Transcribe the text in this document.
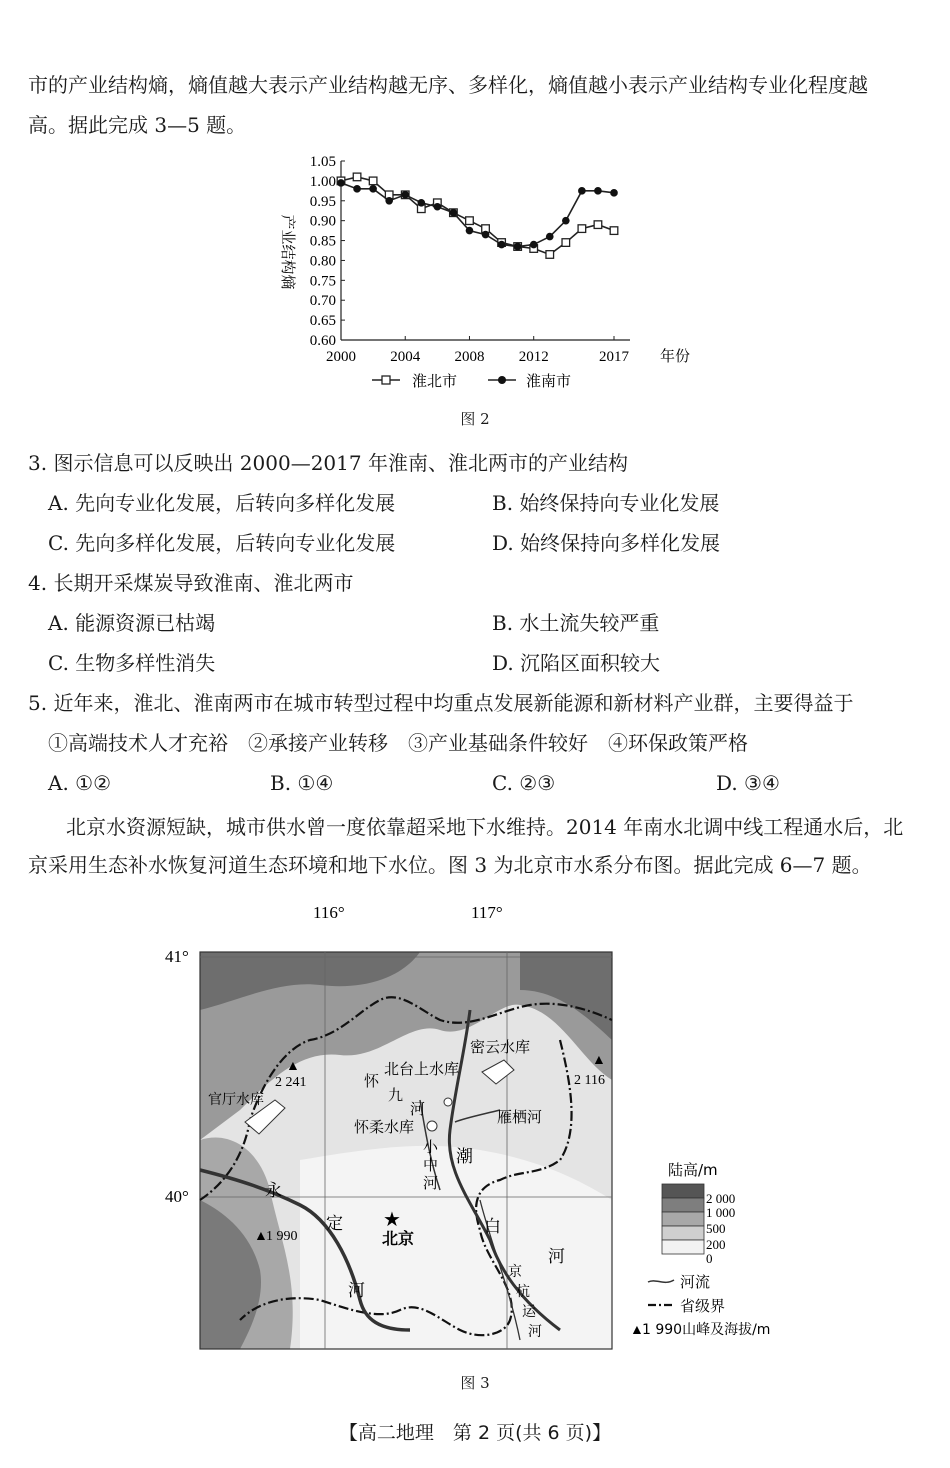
市的产业结构熵，熵值越大表示产业结构越无序、多样化，熵值越小表示产业结构专业化程度越
高。据此完成 3—5 题。
1.05
1.00
0.95
0.90
0.85
0.80
0.75
0.70
0.65
0.60
2000 2004 2008 2012	2017
产业结构熵
年份
淮北市	淮南市
图 2
3. 图示信息可以反映出 2000—2017 年淮南、淮北两市的产业结构
A. 先向专业化发展，后转向多样化发展	B. 始终保持向专业化发展
C. 先向多样化发展，后转向专业化发展	D. 始终保持向多样化发展
4. 长期开采煤炭导致淮南、淮北两市
A. 能源资源已枯竭	B. 水土流失较严重
C. 生物多样性消失	D. 沉陷区面积较大
5. 近年来，淮北、淮南两市在城市转型过程中均重点发展新能源和新材料产业群，主要得益于
①高端技术人才充裕　②承接产业转移　③产业基础条件较好　④环保政策严格
A. ①②	B. ①④	C. ②③	D. ③④
北京水资源短缺，城市供水曾一度依靠超采地下水维持。2014 年南水北调中线工程通水后，北
京采用生态补水恢复河道生态环境和地下水位。图 3 为北京市水系分布图。据此完成 6—7 题。
116°	117°
41°
40°
密云水库
北台上水库
官厅水库
怀柔水库
雁栖河
怀
九
河
小
中
河
潮
白
河
永
定
河
京
杭
运
河
★
北京
▲
2 241
▲
2 116
▲
1 990
陆高/m
2 000
1 000
500
200
0
河流
省级界
▲
1 990山峰及海拔/m
图 3
【高二地理　第 2 页(共 6 页)】
